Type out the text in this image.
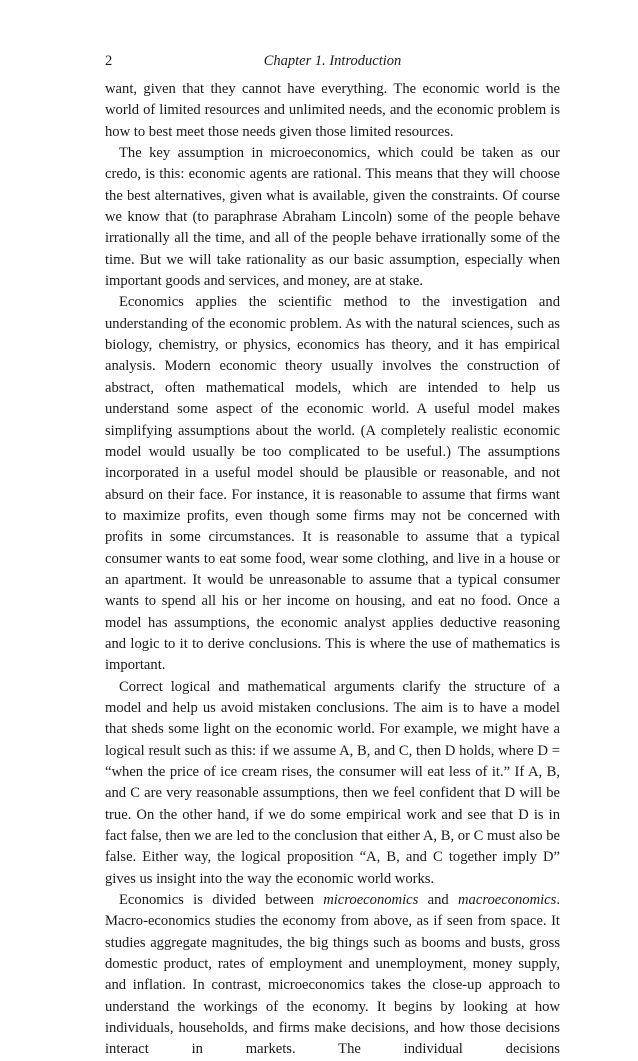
2	Chapter 1. Introduction

want, given that they cannot have everything. The economic world is the world of limited resources and unlimited needs, and the economic problem is how to best meet those needs given those limited resources.

The key assumption in microeconomics, which could be taken as our credo, is this: economic agents are rational. This means that they will choose the best alternatives, given what is available, given the constraints. Of course we know that (to paraphrase Abraham Lincoln) some of the people behave irrationally all the time, and all of the people behave irrationally some of the time. But we will take rationality as our basic assumption, especially when important goods and services, and money, are at stake.

Economics applies the scientific method to the investigation and understanding of the economic problem. As with the natural sciences, such as biology, chemistry, or physics, economics has theory, and it has empirical analysis. Modern economic theory usually involves the construction of abstract, often mathematical models, which are intended to help us understand some aspect of the economic world. A useful model makes simplifying assumptions about the world. (A completely realistic economic model would usually be too complicated to be useful.) The assumptions incorporated in a useful model should be plausible or reasonable, and not absurd on their face. For instance, it is reasonable to assume that firms want to maximize profits, even though some firms may not be concerned with profits in some circumstances. It is reasonable to assume that a typical consumer wants to eat some food, wear some clothing, and live in a house or an apartment. It would be unreasonable to assume that a typical consumer wants to spend all his or her income on housing, and eat no food. Once a model has assumptions, the economic analyst applies deductive reasoning and logic to it to derive conclusions. This is where the use of mathematics is important.

Correct logical and mathematical arguments clarify the structure of a model and help us avoid mistaken conclusions. The aim is to have a model that sheds some light on the economic world. For example, we might have a logical result such as this: if we assume A, B, and C, then D holds, where D = “when the price of ice cream rises, the consumer will eat less of it.” If A, B, and C are very reasonable assumptions, then we feel confident that D will be true. On the other hand, if we do some empirical work and see that D is in fact false, then we are led to the conclusion that either A, B, or C must also be false. Either way, the logical proposition “A, B, and C together imply D” gives us insight into the way the economic world works.

Economics is divided between microeconomics and macroeconomics. Macro-economics studies the economy from above, as if seen from space. It studies aggregate magnitudes, the big things such as booms and busts, gross domestic product, rates of employment and unemployment, money supply, and inflation. In contrast, microeconomics takes the close-up approach to understand the workings of the economy. It begins by looking at how individuals, households, and firms make decisions, and how those decisions interact in markets. The individual decisions
